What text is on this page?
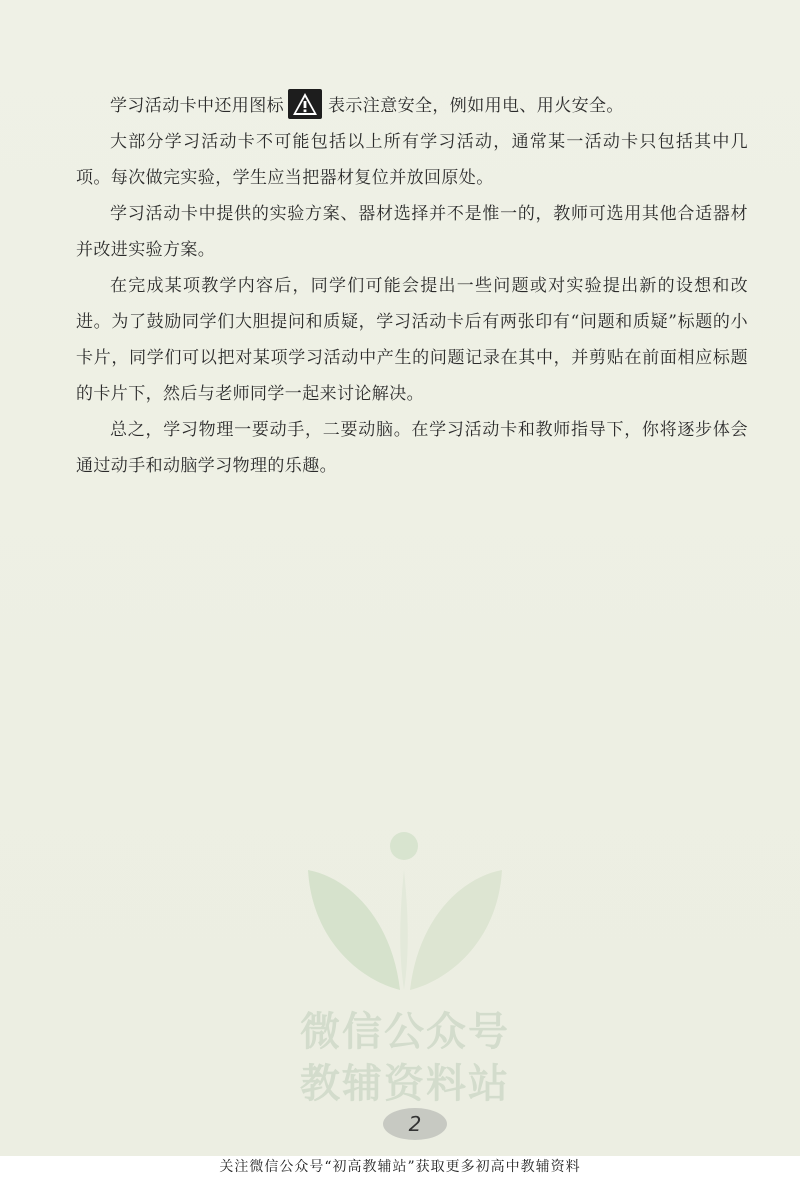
学习活动卡中还用图标	表示注意安全，例如用电、用火安全。

大部分学习活动卡不可能包括以上所有学习活动，通常某一活动卡只包括其中几项。每次做完实验，学生应当把器材复位并放回原处。

学习活动卡中提供的实验方案、器材选择并不是惟一的，教师可选用其他合适器材并改进实验方案。

在完成某项教学内容后，同学们可能会提出一些问题或对实验提出新的设想和改进。为了鼓励同学们大胆提问和质疑，学习活动卡后有两张印有“问题和质疑”标题的小卡片，同学们可以把对某项学习活动中产生的问题记录在其中，并剪贴在前面相应标题的卡片下，然后与老师同学一起来讨论解决。

总之，学习物理一要动手，二要动脑。在学习活动卡和教师指导下，你将逐步体会通过动手和动脑学习物理的乐趣。

微信公众号
教辅资料站
2
关注微信公众号“初高教辅站”获取更多初高中教辅资料
